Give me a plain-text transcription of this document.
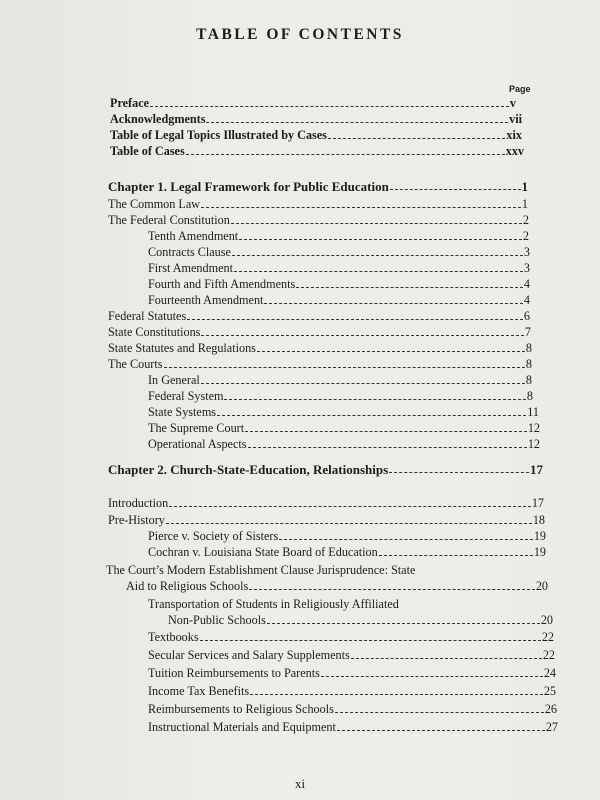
TABLE OF CONTENTS
Page
Preface	v
Acknowledgments	vii
Table of Legal Topics Illustrated by Cases	xix
Table of Cases	xxv
Chapter 1. Legal Framework for Public Education	1
The Common Law	1
The Federal Constitution	2
Tenth Amendment	2
Contracts Clause	3
First Amendment	3
Fourth and Fifth Amendments	4
Fourteenth Amendment	4
Federal Statutes	6
State Constitutions	7
State Statutes and Regulations	8
The Courts	8
In General	8
Federal System	8
State Systems	11
The Supreme Court	12
Operational Aspects	12
Chapter 2. Church-State-Education, Relationships	17
Introduction	17
Pre-History	18
Pierce v. Society of Sisters	19
Cochran v. Louisiana State Board of Education	19
The Court’s Modern Establishment Clause Jurisprudence: State
Aid to Religious Schools	20
Transportation of Students in Religiously Affiliated
Non-Public Schools	20
Textbooks	22
Secular Services and Salary Supplements	22
Tuition Reimbursements to Parents	24
Income Tax Benefits	25
Reimbursements to Religious Schools	26
Instructional Materials and Equipment	27
xi
